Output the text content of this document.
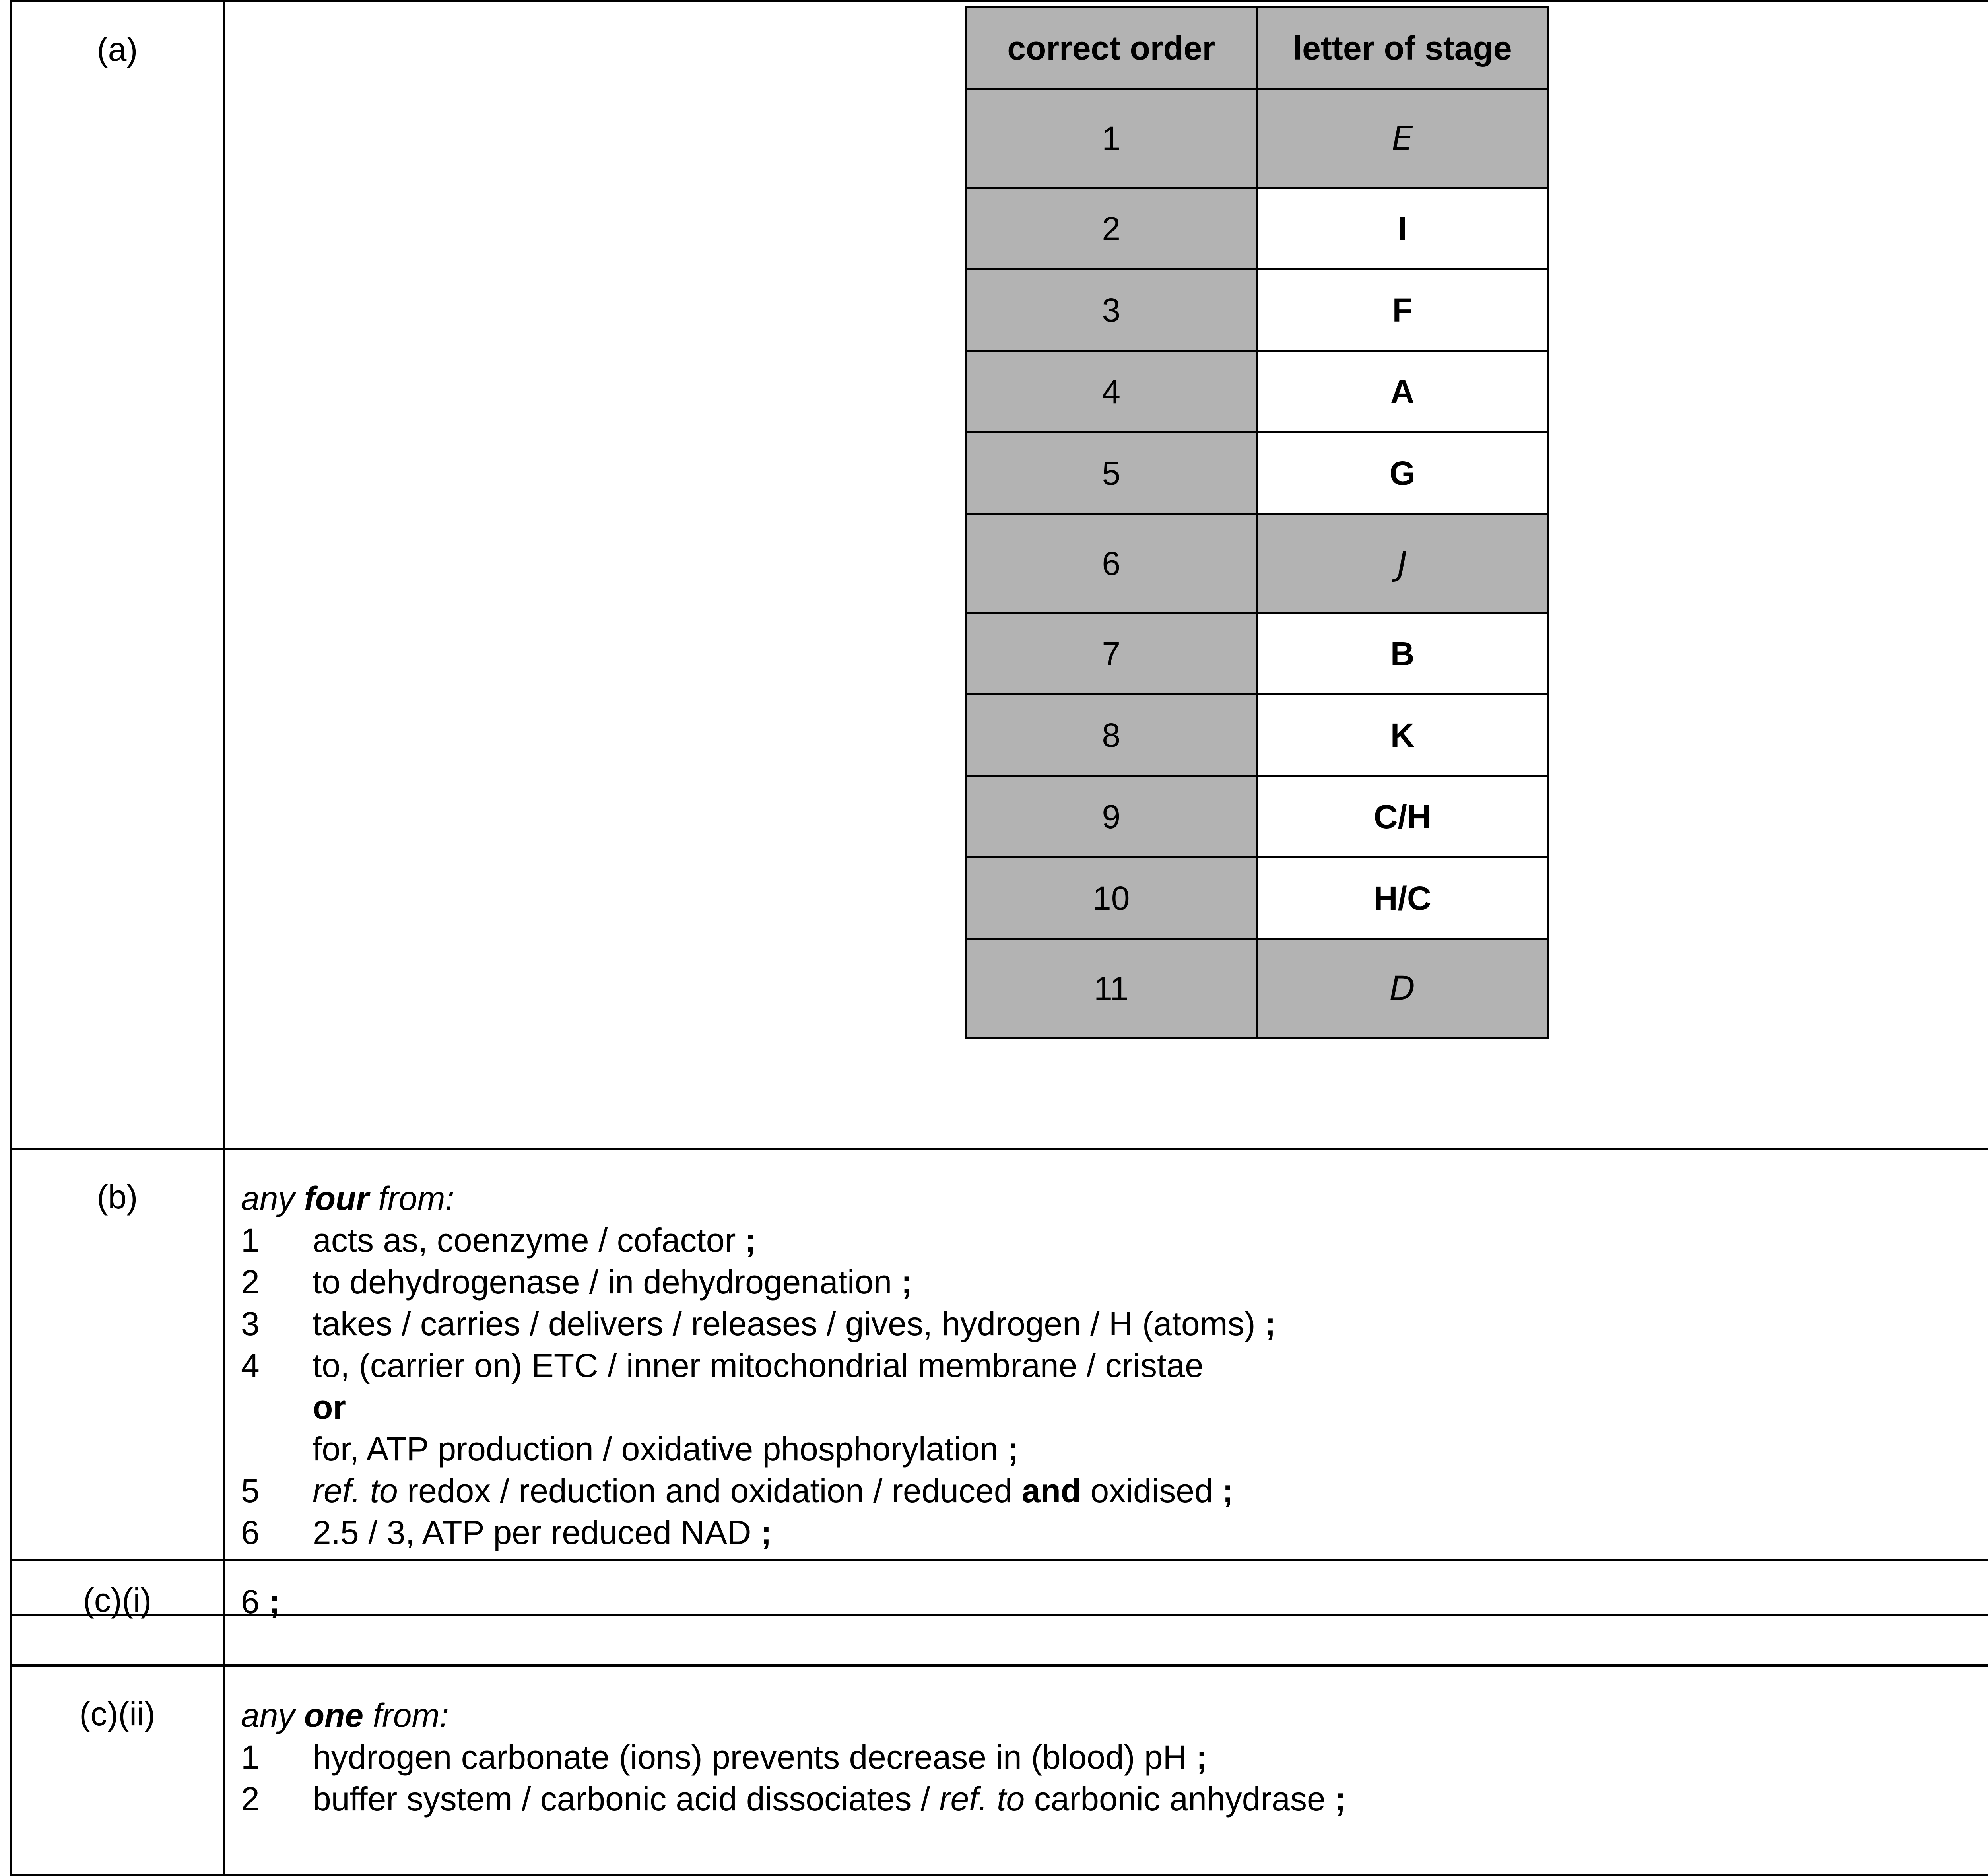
(a)		correct order	letter of stage
1	E
2	I
3	F
4	A
5	G
6	J
7	B
8	K
9	C/H
10	H/C
11	D

(b)	any four from:
1	acts as, coenzyme / cofactor ;
2	to dehydrogenase / in dehydrogenation ;
3	takes / carries / delivers / releases / gives, hydrogen / H (atoms) ;
4	to, (carrier on) ETC / inner mitochondrial membrane / cristae
or
for, ATP production / oxidative phosphorylation ;
5	ref. to redox / reduction and oxidation / reduced and oxidised ;
6	2.5 / 3, ATP per reduced NAD ;

(c)(i)	6 ;	
(c)(ii)	any one from:
1 hydrogen carbonate (ions) prevents decrease in (blood) pH ;
2 buffer system / carbonic acid dissociates / ref. to carbonic anhydrase ;
